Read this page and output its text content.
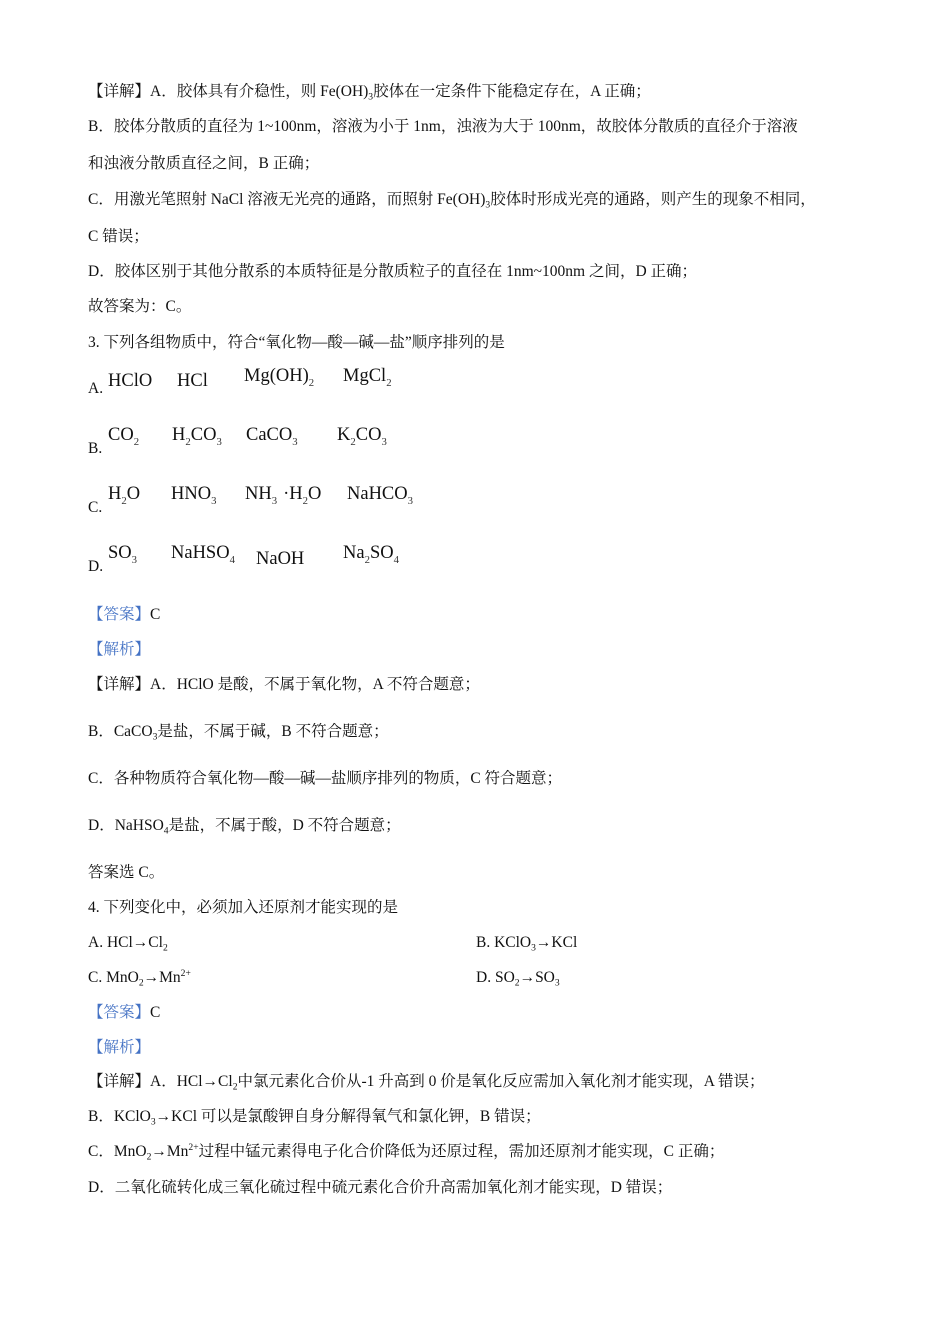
【详解】A．胶体具有介稳性，则 $Fe(OH)_3$胶体在一定条件下能稳定存在，A 正确；
B．胶体分散质的直径为 1~100nm，溶液为小于 1nm，浊液为大于 100nm，故胶体分散质的直径介于溶液
和浊液分散质直径之间，B 正确；
C．用激光笔照射 NaCl 溶液无光亮的通路，而照射 $Fe(OH)_3$胶体时形成光亮的通路，则产生的现象不相同，
C 错误；
D．胶体区别于其他分散系的本质特征是分散质粒子的直径在 1nm~100nm 之间，D 正确；
故答案为：C。
3. 下列各组物质中，符合“氧化物—酸—碱—盐”顺序排列的是
A. HClO HCl $Mg(OH)_2$ MgCl$_2$
B.
$CO_2$ $H_2CO_3$ CaCO$_3$ $K_2CO_3$
C.
$H_2O$ $HNO_3$ $NH_3 \cdot H_2O$ NaHCO$_3$
D.
$SO_3$ NaHSO$_4$ NaOH $Na_2SO_4$
【答案】C
【解析】
【详解】A．HClO 是酸，不属于氧化物，A 不符合题意；
B．CaCO$_3$是盐，不属于碱，B 不符合题意；
C．各种物质符合氧化物—酸—碱—盐顺序排列的物质，C 符合题意；
D．NaHSO$_4$是盐，不属于酸，D 不符合题意；
答案选 C。
4. 下列变化中，必须加入还原剂才能实现的是
A. $HCl\to Cl_2$	B. KClO$_3$→KCl
C. $MnO_2\to Mn^{2+}$	D. $SO_2\to SO_3$
【答案】C
【解析】
【详解】A．$HCl\to Cl_2$中氯元素化合价从-1 升高到 0 价是氧化反应需加入氧化剂才能实现，A 错误；
B．KClO$_3$→KCl 可以是氯酸钾自身分解得氧气和氯化钾，B 错误；
C．$MnO_2\to Mn^{2+}$过程中锰元素得电子化合价降低为还原过程，需加还原剂才能实现，C 正确；
D．二氧化硫转化成三氧化硫过程中硫元素化合价升高需加氧化剂才能实现，D 错误；
